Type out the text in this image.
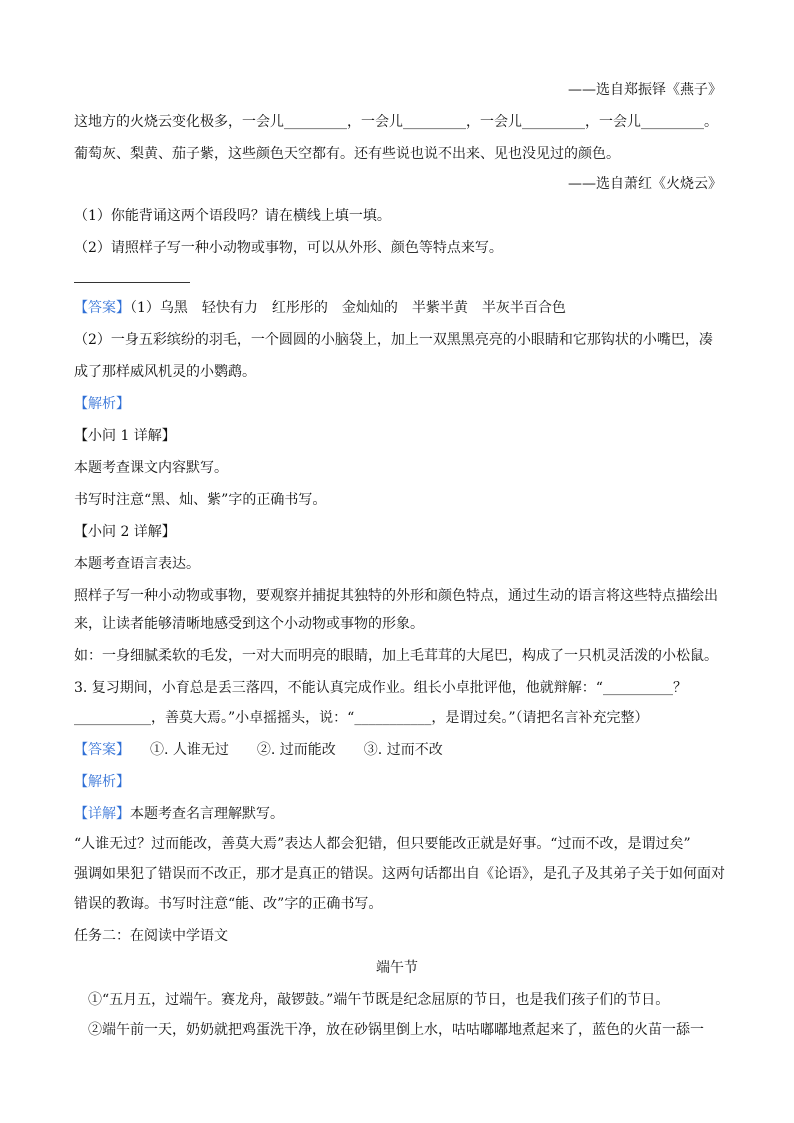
——选自郑振铎《燕子》
这地方的火烧云变化极多，一会儿_________，一会儿_________，一会儿_________，一会儿_________。
葡萄灰、梨黄、茄子紫，这些颜色天空都有。还有些说也说不出来、见也没见过的颜色。
——选自萧红《火烧云》
（1）你能背诵这两个语段吗？请在横线上填一填。
（2）请照样子写一种小动物或事物，可以从外形、颜色等特点来写。
【答案】（1）乌黑　轻快有力　红彤彤的　金灿灿的　半紫半黄　半灰半百合色
（2）一身五彩缤纷的羽毛，一个圆圆的小脑袋上，加上一双黑黑亮亮的小眼睛和它那钩状的小嘴巴，凑
成了那样威风机灵的小鹦鹉。
【解析】
【小问 1 详解】
本题考查课文内容默写。
书写时注意“黑、灿、紫”字的正确书写。
【小问 2 详解】
本题考查语言表达。
照样子写一种小动物或事物，要观察并捕捉其独特的外形和颜色特点，通过生动的语言将这些特点描绘出
来，让读者能够清晰地感受到这个小动物或事物的形象。
如：一身细腻柔软的毛发，一对大而明亮的眼睛，加上毛茸茸的大尾巴，构成了一只机灵活泼的小松鼠。
3. 复习期间，小育总是丢三落四，不能认真完成作业。组长小卓批评他，他就辩解：“__________？
___________，善莫大焉。”小卓摇摇头，说：“___________，是谓过矣。”（请把名言补充完整）
【答案】 ①. 人谁无过　　②. 过而能改　　③. 过而不改
【解析】
【详解】本题考查名言理解默写。
“人谁无过？过而能改，善莫大焉”表达人都会犯错，但只要能改正就是好事。“过而不改，是谓过矣”
强调如果犯了错误而不改正，那才是真正的错误。这两句话都出自《论语》，是孔子及其弟子关于如何面对
错误的教诲。书写时注意“能、改”字的正确书写。
任务二：在阅读中学语文
端午节
①“五月五，过端午。赛龙舟，敲锣鼓。”端午节既是纪念屈原的节日，也是我们孩子们的节日。
②端午前一天，奶奶就把鸡蛋洗干净，放在砂锅里倒上水，咕咕嘟嘟地煮起来了，蓝色的火苗一舔一
